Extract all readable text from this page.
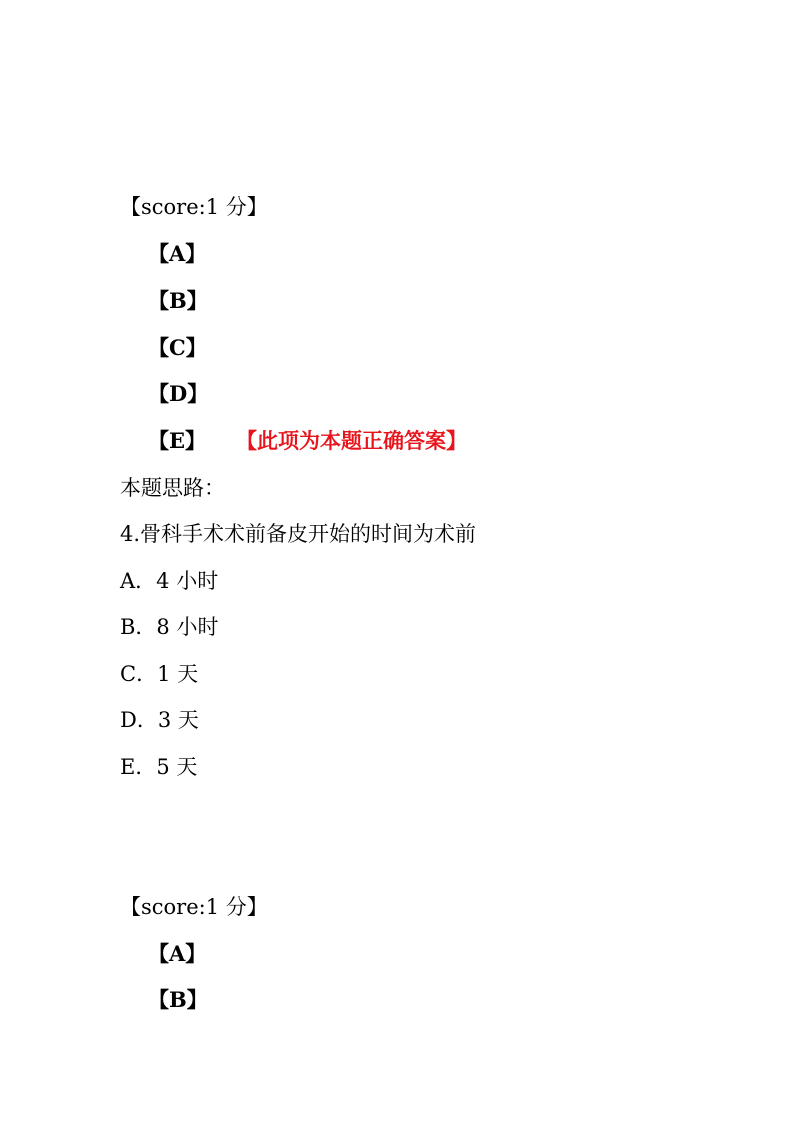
【score:1 分】
【A】
【B】
【C】
【D】
【E】 【此项为本题正确答案】
本题思路：
4.骨科手术术前备皮开始的时间为术前
A．4 小时
B．8 小时
C．1 天
D．3 天
E．5 天
【score:1 分】
【A】
【B】
